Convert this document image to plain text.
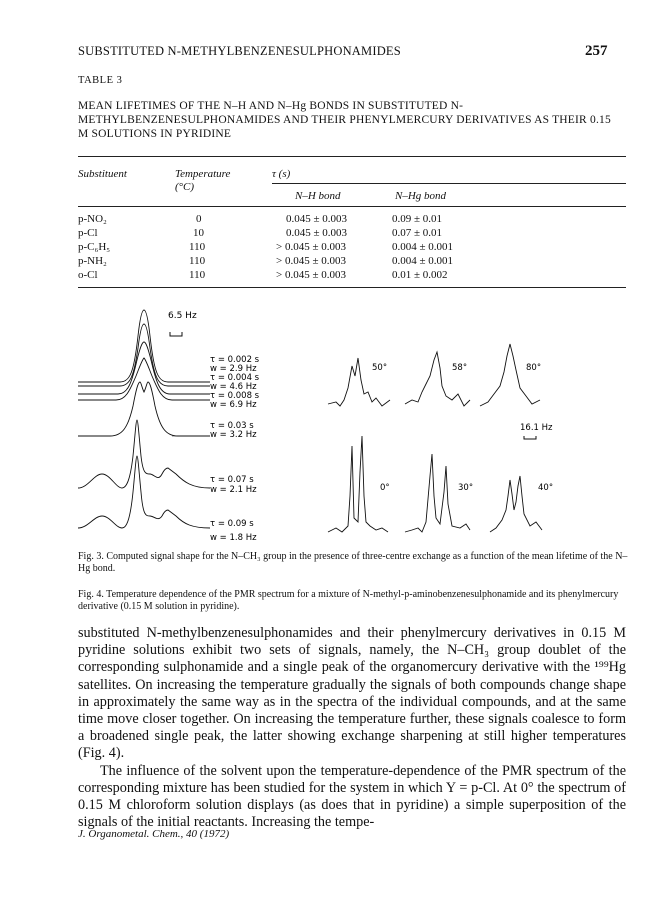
SUBSTITUTED N-METHYLBENZENESULPHONAMIDES	257
TABLE 3
MEAN LIFETIMES OF THE N–H AND N–Hg BONDS IN SUBSTITUTED N-METHYLBENZENESULPHONAMIDES AND THEIR PHENYLMERCURY DERIVATIVES AS THEIR 0.15 M SOLUTIONS IN PYRIDINE
Substituent	Temperature
(°C)
τ (s)
N–H bond	N–Hg bond
p-NO₂	0	0.045 ± 0.003	0.09 ± 0.01
p-Cl	10	0.045 ± 0.003	0.07 ± 0.01
p-C₆H₅	110	> 0.045 ± 0.003	0.004 ± 0.001
p-NH₂	110	> 0.045 ± 0.003	0.004 ± 0.001
o-Cl	110	> 0.045 ± 0.003	0.01 ± 0.002
6.5 Hz
τ = 0.002 s
w = 2.9 Hz
τ = 0.004 s
w = 4.6 Hz
τ = 0.008 s
w = 6.9 Hz
τ = 0.03 s
w = 3.2 Hz
τ = 0.07 s
w = 2.1 Hz
τ = 0.09 s
w = 1.8 Hz
50°	58°	80°
16.1 Hz
0°	30°	40°
Fig. 3. Computed signal shape for the N–CH₃ group in the presence of three-centre exchange as a function of the mean lifetime of the N–Hg bond.
Fig. 4. Temperature dependence of the PMR spectrum for a mixture of N-methyl-p-aminobenzenesulphonamide and its phenylmercury derivative (0.15 M solution in pyridine).

substituted N-methylbenzenesulphonamides and their phenylmercury derivatives in 0.15 M pyridine solutions exhibit two sets of signals, namely, the N–CH₃ group doublet of the corresponding sulphonamide and a single peak of the organomercury derivative with the ¹⁹⁹Hg satellites. On increasing the temperature gradually the signals of both compounds change shape in approximately the same way as in the spectra of the individual compounds, and at the same time move closer together. On increasing the temperature further, these signals coalesce to form a broadened single peak, the latter showing exchange sharpening at still higher temperatures (Fig. 4).

The influence of the solvent upon the temperature-dependence of the PMR spectrum of the corresponding mixture has been studied for the system in which Y = p-Cl. At 0° the spectrum of 0.15 M chloroform solution displays (as does that in pyridine) a simple superposition of the signals of the initial reactants. Increasing the tempe-

J. Organometal. Chem., 40 (1972)
